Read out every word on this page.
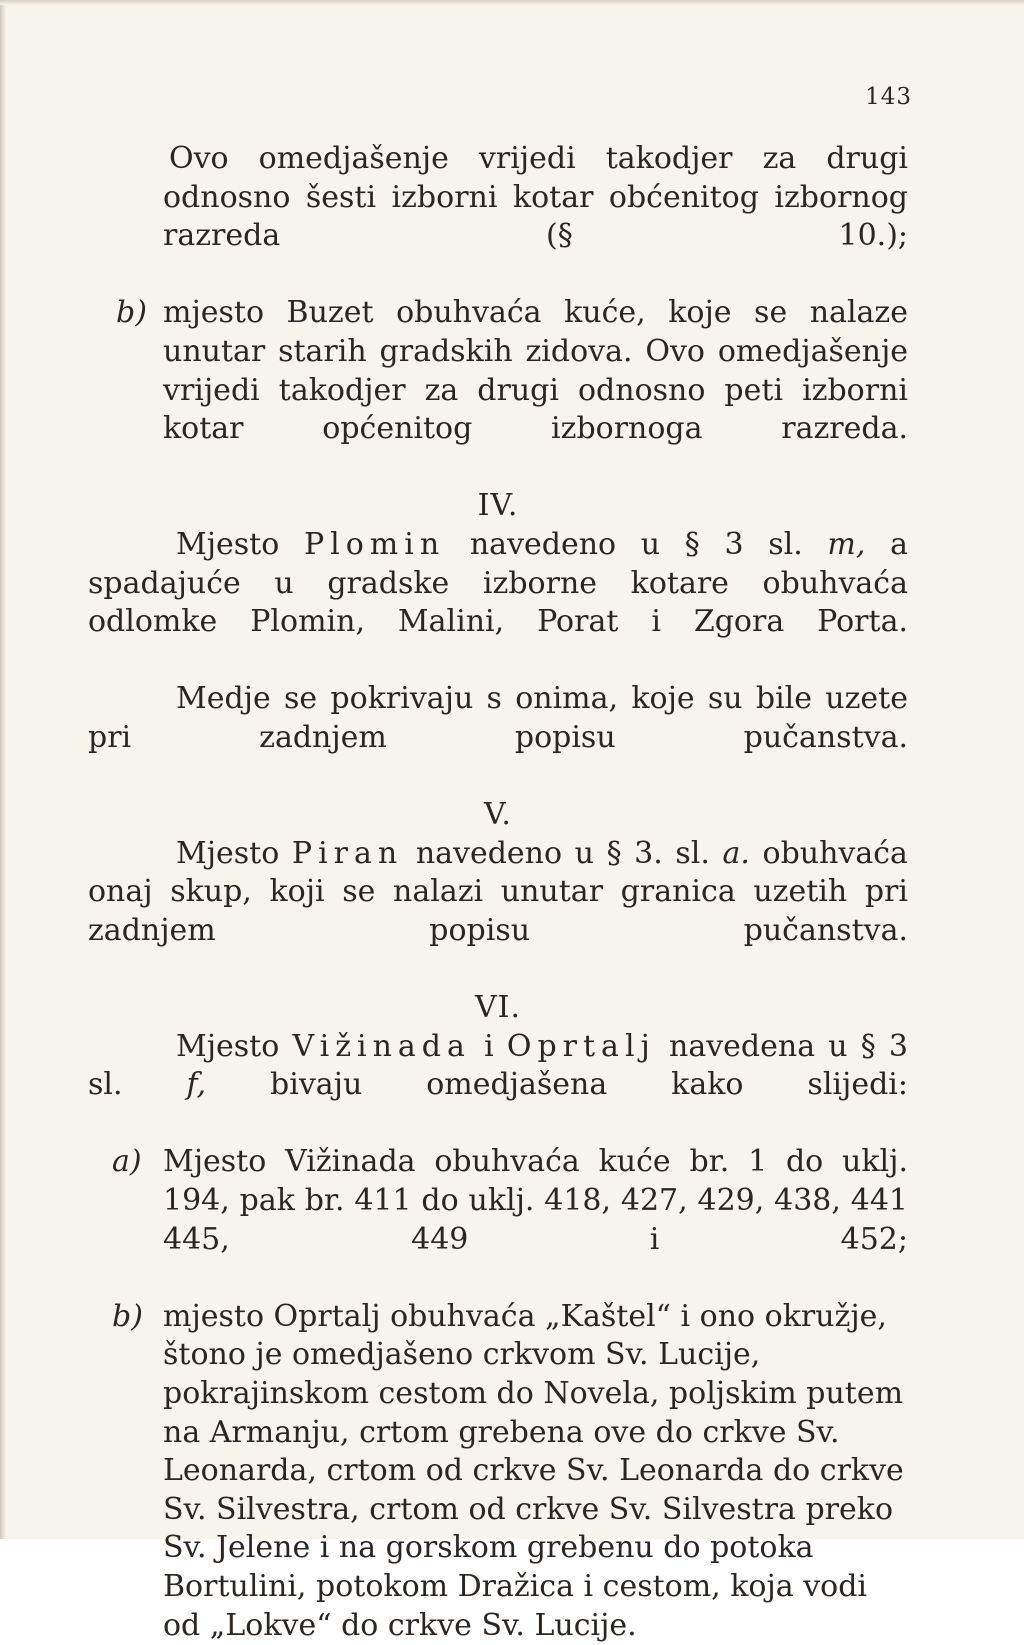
143

Ovo omedjašenje vrijedi takodjer za drugi odnosno šesti izborni kotar obćenitog izbornog razreda (§ 10.);

b) mjesto Buzet obuhvaća kuće, koje se nalaze unutar starih gradskih zidova. Ovo omedjašenje vrijedi takodjer za drugi odnosno peti izborni kotar općenitog izbornoga razreda.

IV.

Mjesto Plomin navedeno u § 3 sl. m, a spadajuće u gradske izborne kotare obuhvaća odlomke Plomin, Malini, Porat i Zgora Porta.

Medje se pokrivaju s onima, koje su bile uzete pri zadnjem popisu pučanstva.

V.

Mjesto Piran navedeno u § 3. sl. a. obuhvaća onaj skup, koji se nalazi unutar granica uzetih pri zadnjem popisu pučanstva.

VI.

Mjesto Vižinada i Oprtalj navedena u § 3 sl. f, bivaju omedjašena kako slijedi:

a) Mjesto Vižinada obuhvaća kuće br. 1 do uklj. 194, pak br. 411 do uklj. 418, 427, 429, 438, 441 445, 449 i 452;

b) mjesto Oprtalj obuhvaća „Kaštel“ i ono okružje, štono je omedjašeno crkvom Sv. Lucije, pokrajinskom cestom do Novela, poljskim putem na Armanju, crtom grebena ove do crkve Sv. Leonarda, crtom od crkve Sv. Leonarda do crkve Sv. Silvestra, crtom od crkve Sv. Silvestra preko Sv. Jelene i na gorskom grebenu do potoka Bortulini, potokom Dražica i cestom, koja vodi od „Lokve“ do crkve Sv. Lucije.
